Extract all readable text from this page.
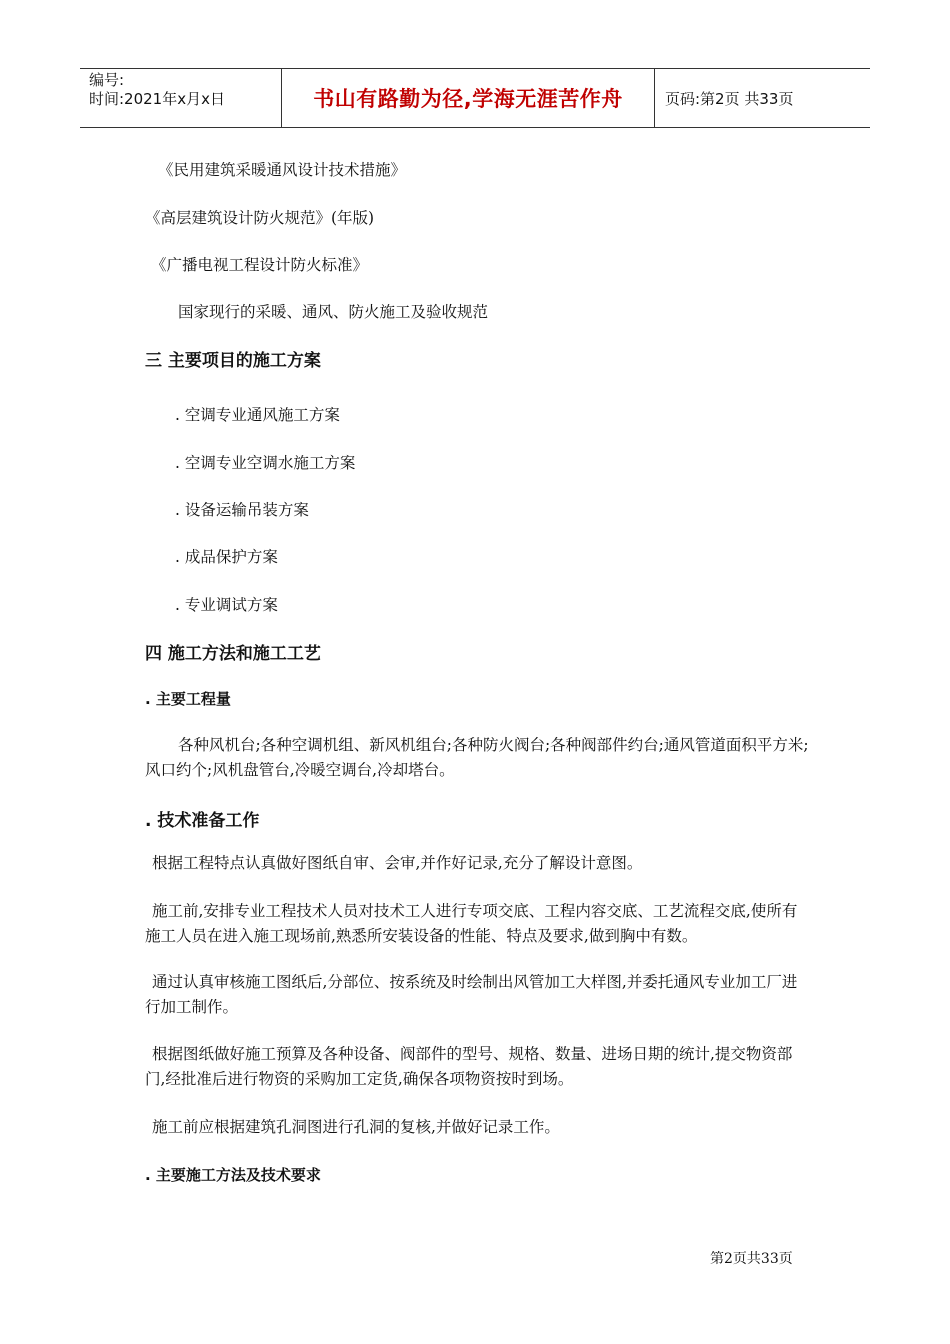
编号:
时间:2021年x月x日	书山有路勤为径,学海无涯苦作舟	页码:第2页 共33页
《民用建筑采暖通风设计技术措施》
《高层建筑设计防火规范》(年版)
《广播电视工程设计防火标准》
国家现行的采暖、通风、防火施工及验收规范
三 主要项目的施工方案
. 空调专业通风施工方案
. 空调专业空调水施工方案
. 设备运输吊装方案
. 成品保护方案
. 专业调试方案
四 施工方法和施工工艺
. 主要工程量
各种风机台;各种空调机组、新风机组台;各种防火阀台;各种阀部件约台;通风管道面积平方米;风口约个;风机盘管台,冷暖空调台,冷却塔台。
. 技术准备工作
根据工程特点认真做好图纸自审、会审,并作好记录,充分了解设计意图。
施工前,安排专业工程技术人员对技术工人进行专项交底、工程内容交底、工艺流程交底,使所有施工人员在进入施工现场前,熟悉所安装设备的性能、特点及要求,做到胸中有数。
通过认真审核施工图纸后,分部位、按系统及时绘制出风管加工大样图,并委托通风专业加工厂进行加工制作。
根据图纸做好施工预算及各种设备、阀部件的型号、规格、数量、进场日期的统计,提交物资部门,经批准后进行物资的采购加工定货,确保各项物资按时到场。
施工前应根据建筑孔洞图进行孔洞的复核,并做好记录工作。
. 主要施工方法及技术要求
第2页共33页
